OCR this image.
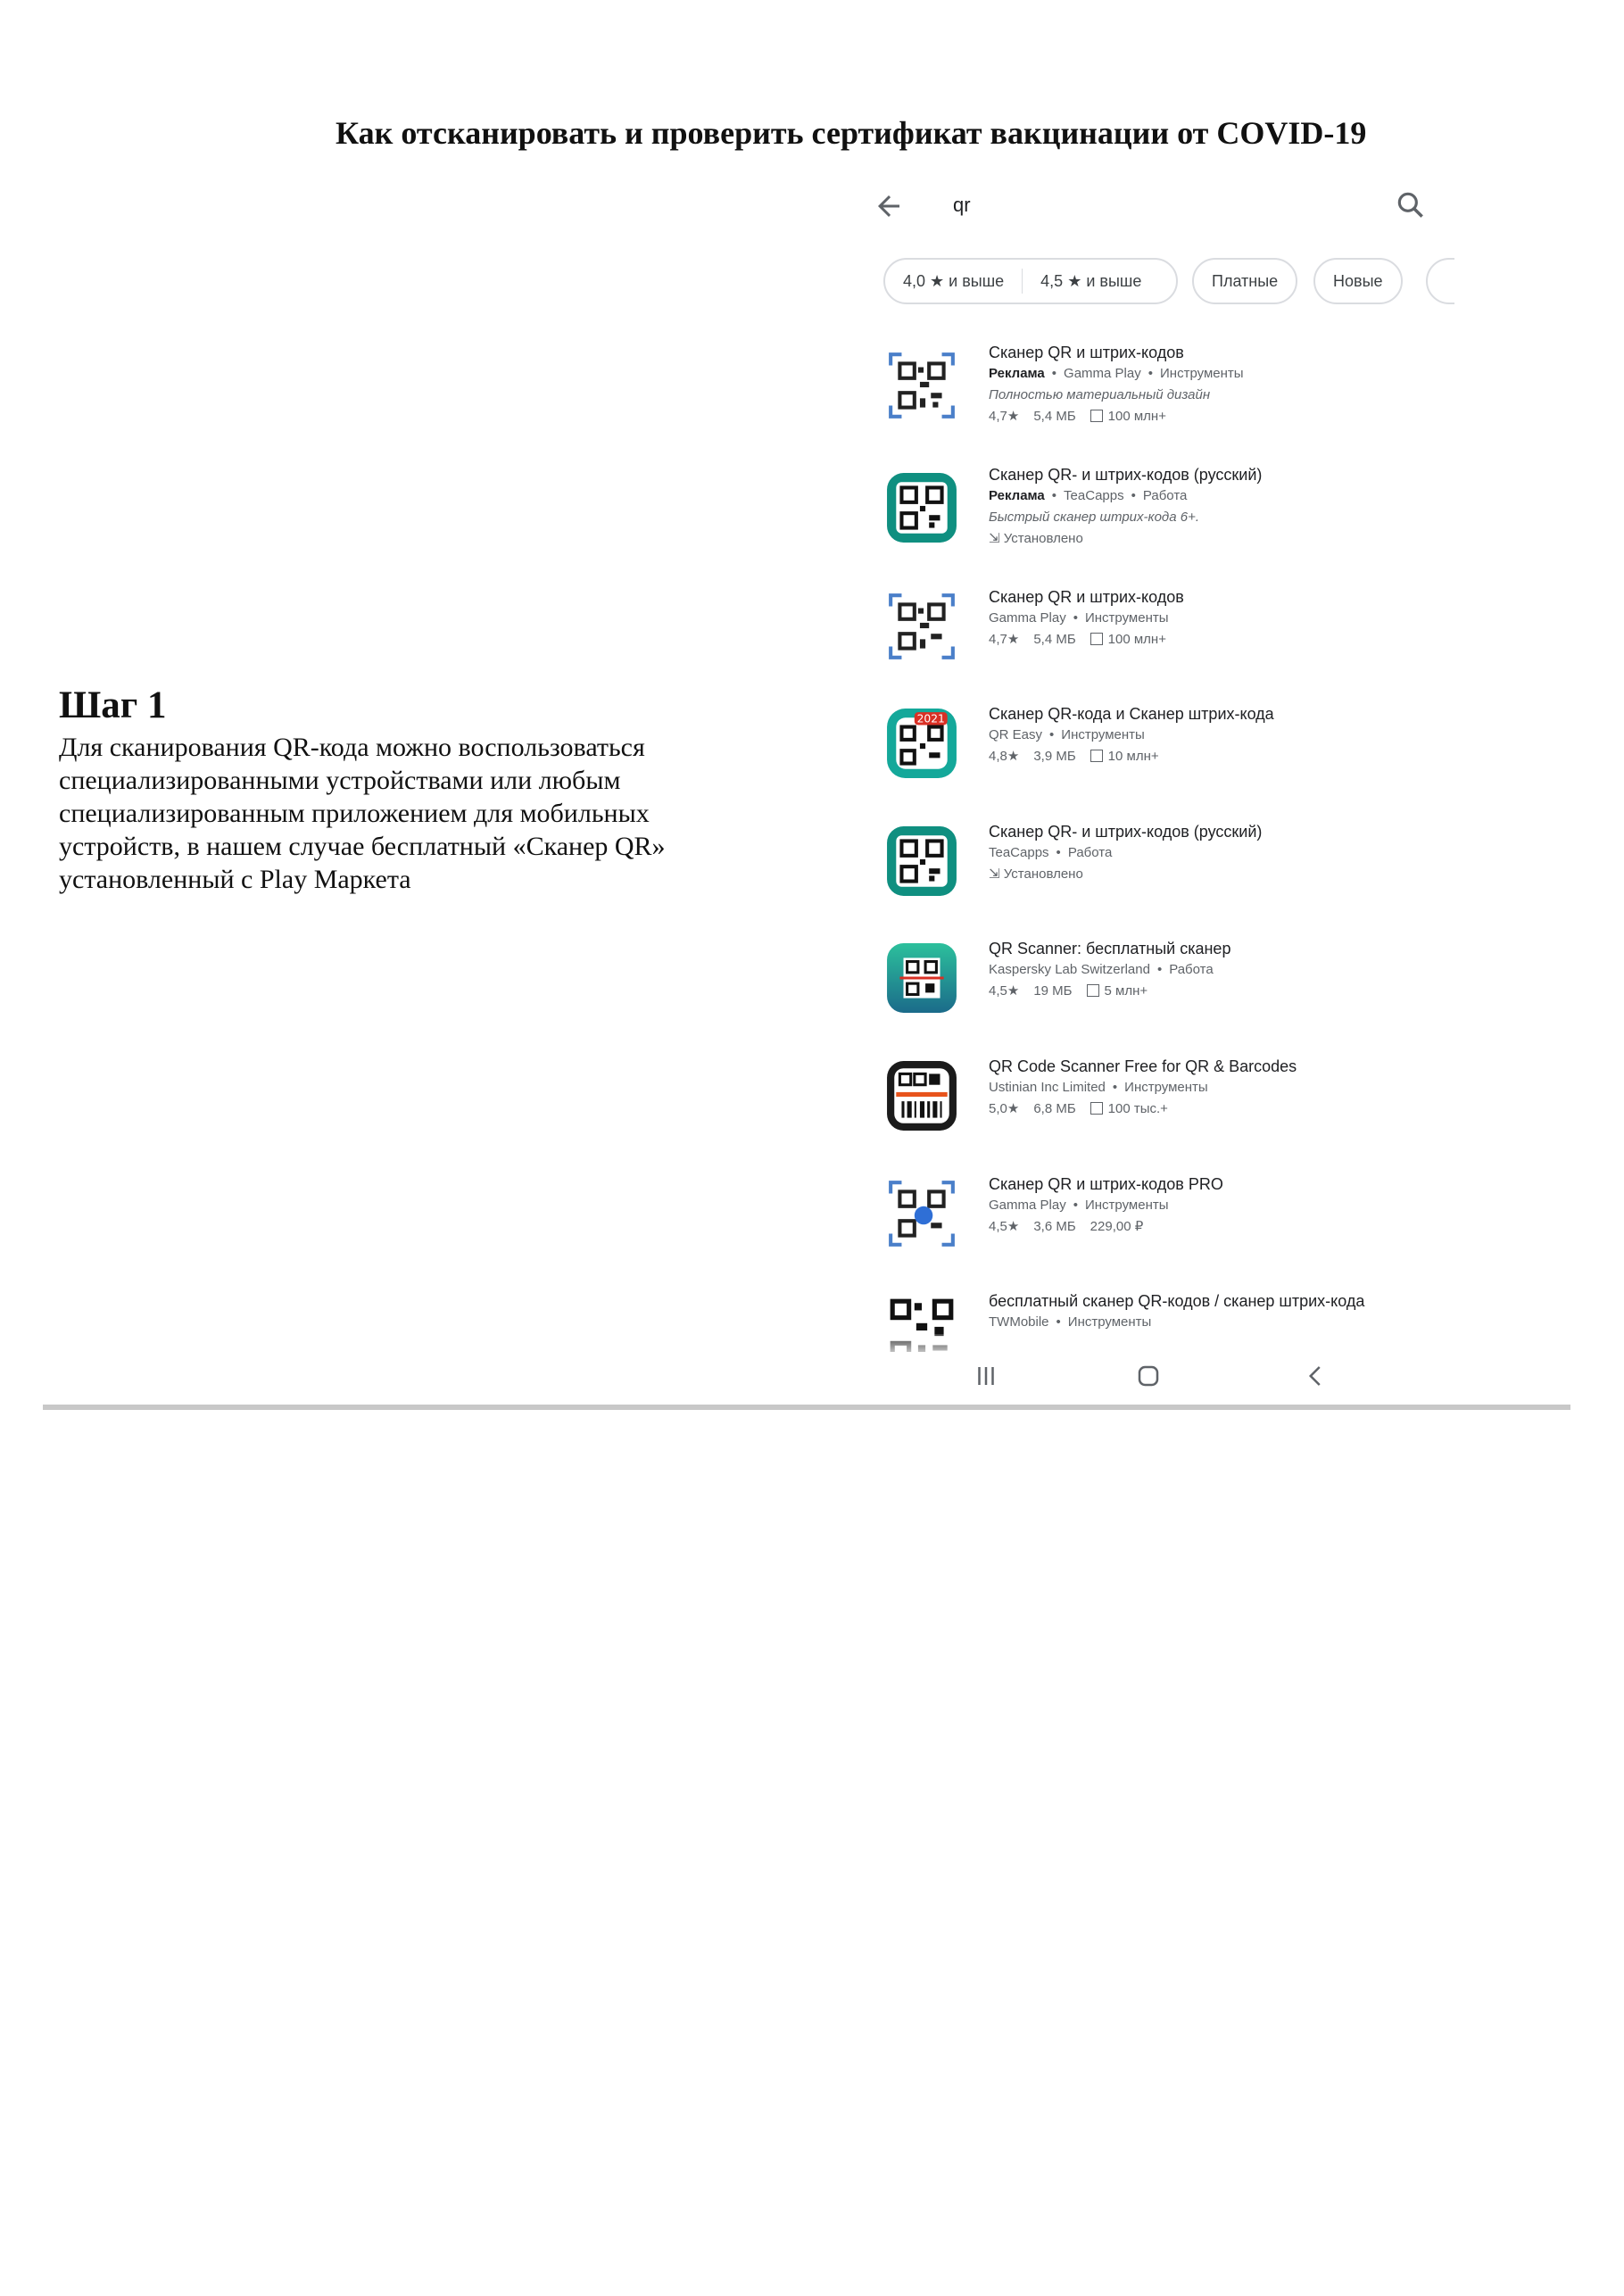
Как отсканировать и проверить сертификат вакцинации от COVID-19
Шаг 1
Для сканирования QR-кода можно воспользоваться специализированными устройствами или любым специализированным приложением для мобильных устройств, в нашем случае бесплатный «Сканер QR» установленный с Play Маркета
qr
4,0 ★ и выше	4,5 ★ и выше	Платные	Новые
Сканер QR и штрих-кодов
Реклама • Gamma Play • Инструменты
Полностью материальный дизайн
4,7★ 5,4 МБ 100 млн+
Сканер QR- и штрих-кодов (русский)
Реклама • TeaCapps • Работа
Быстрый сканер штрих-кода 6+.
⇲ Установлено
Сканер QR и штрих-кодов
Gamma Play • Инструменты
4,7★ 5,4 МБ 100 млн+
2021	Сканер QR-кода и Сканер штрих-кода
QR Easy • Инструменты
4,8★ 3,9 МБ 10 млн+
Сканер QR- и штрих-кодов (русский)
TeaCapps • Работа
⇲ Установлено
QR Scanner: бесплатный сканер
Kaspersky Lab Switzerland • Работа
4,5★ 19 МБ 5 млн+
QR Code Scanner Free for QR & Barcodes
Ustinian Inc Limited • Инструменты
5,0★ 6,8 МБ 100 тыс.+
Сканер QR и штрих-кодов PRO
Gamma Play • Инструменты
4,5★ 3,6 МБ 229,00 ₽
бесплатный сканер QR-кодов / сканер штрих-кода
TWMobile • Инструменты
